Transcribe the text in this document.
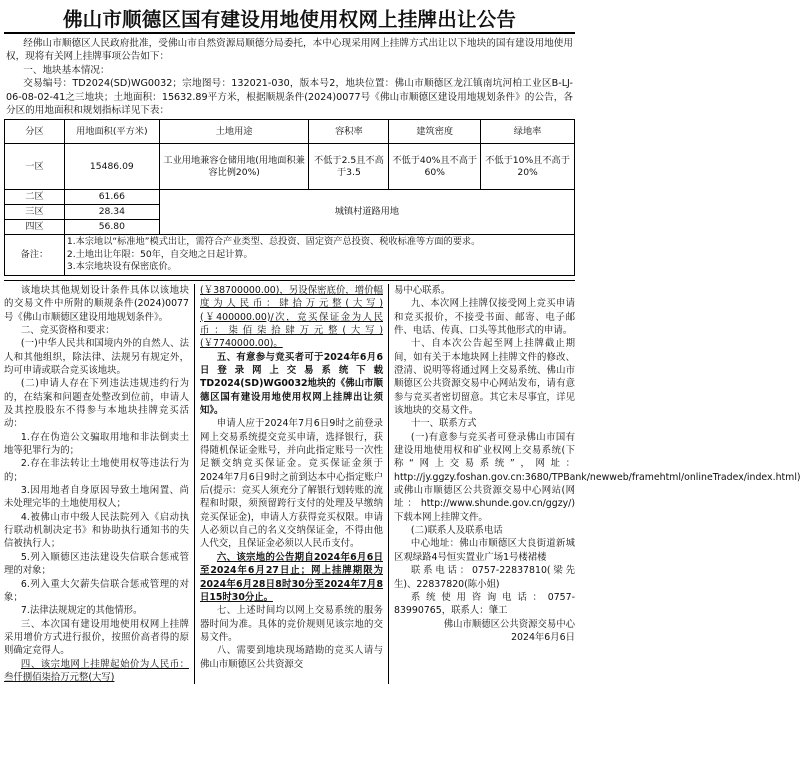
佛山市顺德区国有建设用地使用权网上挂牌出让公告

经佛山市顺德区人民政府批准，受佛山市自然资源局顺德分局委托，本中心现采用网上挂牌方式出让以下地块的国有建设用地使用权，现将有关网上挂牌事项公告如下：

一、地块基本情况：

交易编号：TD2024(SD)WG0032；宗地图号：132021-030，版本号2，地块位置：佛山市顺德区龙江镇南坑河柏工业区B-LJ-06-08-02-41之三地块；土地面积：15632.89平方米，根据顺规条件(2024)0077号《佛山市顺德区建设用地规划条件》的公告，各分区的用地面积和规划指标详见下表：

分区	用地面积(平方米)	土地用途	容积率	建筑密度	绿地率
一区	15486.09	工业用地兼容仓储用地(用地面积兼容比例20%)	不低于2.5且不高于3.5	不低于40%且不高于60%	不低于10%且不高于20%
二区	61.66	城镇村道路用地			
三区	28.34				
四区	56.80				
备注：	1.本宗地以“标准地”模式出让，需符合产业类型、总投资、固定资产总投资、税收标准等方面的要求。
2.土地出让年限：50年，自交地之日起计算。
3.本宗地块设有保密底价。				

该地块其他规划设计条件具体以该地块的交易文件中所附的顺规条件(2024)0077号《佛山市顺德区建设用地规划条件》。

二、竞买资格和要求：

(一)中华人民共和国境内外的自然人、法人和其他组织，除法律、法规另有规定外，均可申请或联合竞买该地块。

(二)申请人存在下列违法违规违约行为的，在结案和问题查处整改到位前，申请人及其控股股东不得参与本地块挂牌竞买活动：

1.存在伪造公文骗取用地和非法倒卖土地等犯罪行为的；

2.存在非法转让土地使用权等违法行为的；

3.因用地者自身原因导致土地闲置、尚未处理完毕的土地使用权人；

4.被佛山市中级人民法院列入《启动执行联动机制决定书》和协助执行通知书的失信被执行人；

5.列入顺德区违法建设失信联合惩戒管理的对象；

6.列入重大欠薪失信联合惩戒管理的对象；

7.法律法规规定的其他情形。

三、本次国有建设用地使用权网上挂牌采用增价方式进行报价，按照价高者得的原则确定竞得人。

四、该宗地网上挂牌起始价为人民币：叁仟捌佰柒拾万元整(大写)

(￥38700000.00)，另设保密底价，增价幅度为人民币：肆拾万元整(大写)(￥400000.00)/次，竞买保证金为人民币：柒佰柒拾肆万元整(大写)(￥7740000.00)。

五、有意参与竞买者可于2024年6月6日登录网上交易系统下载TD2024(SD)WG0032地块的《佛山市顺德区国有建设用地使用权网上挂牌出让须知》。

申请人应于2024年7月6日9时之前登录网上交易系统提交竞买申请，选择银行，获得随机保证金账号，并向此指定账号一次性足额交纳竞买保证金。竞买保证金须于2024年7月6日9时之前到达本中心指定账户后(提示：竞买人须充分了解银行划转账的流程和时限，须预留跨行支付的处理及早缴纳竞买保证金)，申请人方获得竞买权限。申请人必须以自己的名义交纳保证金，不得由他人代交，且保证金必须以人民币支付。

六、该宗地的公告期自2024年6月6日至2024年6月27日止；网上挂牌期限为2024年6月28日8时30分至2024年7月8日15时30分止。

七、上述时间均以网上交易系统的服务器时间为准。具体的竞价规则见该宗地的交易文件。

八、需要到地块现场踏勘的竞买人请与佛山市顺德区公共资源交

易中心联系。

九、本次网上挂牌仅接受网上竞买申请和竞买报价，不接受书面、邮寄、电子邮件、电话、传真、口头等其他形式的申请。

十、自本次公告起至网上挂牌截止期间，如有关于本地块网上挂牌文件的修改、澄清、说明等将通过网上交易系统、佛山市顺德区公共资源交易中心网站发布，请有意参与竞买者密切留意。其它未尽事宜，详见该地块的交易文件。

十一、联系方式

(一)有意参与竞买者可登录佛山市国有建设用地使用权和矿业权网上交易系统(下称“网上交易系统”，网址：http://jy.ggzy.foshan.gov.cn:3680/TPBank/newweb/framehtml/onlineTradex/index.html)或佛山市顺德区公共资源交易中心网站(网址：http://www.shunde.gov.cn/ggzy/)下载本网上挂牌文件。

(二)联系人及联系电话

中心地址：佛山市顺德区大良街道新城区观绿路4号恒实置业广场1号楼裙楼

联系电话：0757-22837810(梁先生)、22837820(陈小姐)

系统使用咨询电话：0757-83990765，联系人：肇工

佛山市顺德区公共资源交易中心

2024年6月6日
